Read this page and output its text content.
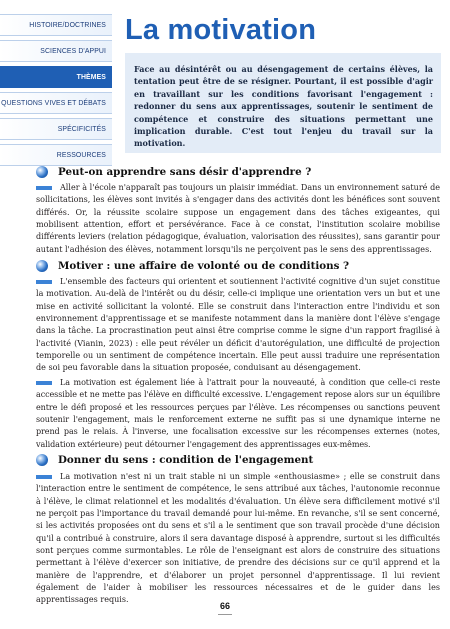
HISTOIRE/DOCTRINES
SCIENCES D'APPUI
THÈMES
QUESTIONS VIVES ET DÉBATS
SPÉCIFICITÉS
RESSOURCES
La motivation

Face au désintérêt ou au désengagement de certains élèves, la tentation peut être de se résigner. Pourtant, il est possible d'agir en travaillant sur les conditions favorisant l'engagement : redonner du sens aux apprentissages, soutenir le sentiment de compétence et construire des situations permettant une implication durable. C'est tout l'enjeu du travail sur la motivation.

Peut-on apprendre sans désir d'apprendre ?

Aller à l'école n'apparaît pas toujours un plaisir immédiat. Dans un environnement saturé de sollicitations, les élèves sont invités à s'engager dans des activités dont les bénéfices sont souvent différés. Or, la réussite scolaire suppose un engagement dans des tâches exigeantes, qui mobilisent attention, effort et persévérance. Face à ce constat, l'institution scolaire mobilise différents leviers (relation pédagogique, évaluation, valorisation des réussites), sans garantir pour autant l'adhésion des élèves, notamment lorsqu'ils ne perçoivent pas le sens des apprentissages.

Motiver : une affaire de volonté ou de conditions ?

L'ensemble des facteurs qui orientent et soutiennent l'activité cognitive d'un sujet constitue la motivation. Au-delà de l'intérêt ou du désir, celle-ci implique une orientation vers un but et une mise en activité sollicitant la volonté. Elle se construit dans l'interaction entre l'individu et son environnement d'apprentissage et se manifeste notamment dans la manière dont l'élève s'engage dans la tâche. La procrastination peut ainsi être comprise comme le signe d'un rapport fragilisé à l'activité (Vianin, 2023) : elle peut révéler un déficit d'autorégulation, une difficulté de projection temporelle ou un sentiment de compétence incertain. Elle peut aussi traduire une représentation de soi peu favorable dans la situation proposée, conduisant au désengagement.

La motivation est également liée à l'attrait pour la nouveauté, à condition que celle-ci reste accessible et ne mette pas l'élève en difficulté excessive. L'engagement repose alors sur un équilibre entre le défi proposé et les ressources perçues par l'élève. Les récompenses ou sanctions peuvent soutenir l'engagement, mais le renforcement externe ne suffit pas si une dynamique interne ne prend pas le relais. À l'inverse, une focalisation excessive sur les récompenses externes (notes, validation extérieure) peut détourner l'engagement des apprentissages eux-mêmes.

Donner du sens : condition de l'engagement

La motivation n'est ni un trait stable ni un simple «enthousiasme» ; elle se construit dans l'interaction entre le sentiment de compétence, le sens attribué aux tâches, l'autonomie reconnue à l'élève, le climat relationnel et les modalités d'évaluation. Un élève sera difficilement motivé s'il ne perçoit pas l'importance du travail demandé pour lui-même. En revanche, s'il se sent concerné, si les activités proposées ont du sens et s'il a le sentiment que son travail procède d'une décision qu'il a contribué à construire, alors il sera davantage disposé à apprendre, surtout si les difficultés sont perçues comme surmontables. Le rôle de l'enseignant est alors de construire des situations permettant à l'élève d'exercer son initiative, de prendre des décisions sur ce qu'il apprend et la manière de l'apprendre, et d'élaborer un projet personnel d'apprentissage. Il lui revient également de l'aider à mobiliser les ressources nécessaires et de le guider dans les apprentissages requis.

66
